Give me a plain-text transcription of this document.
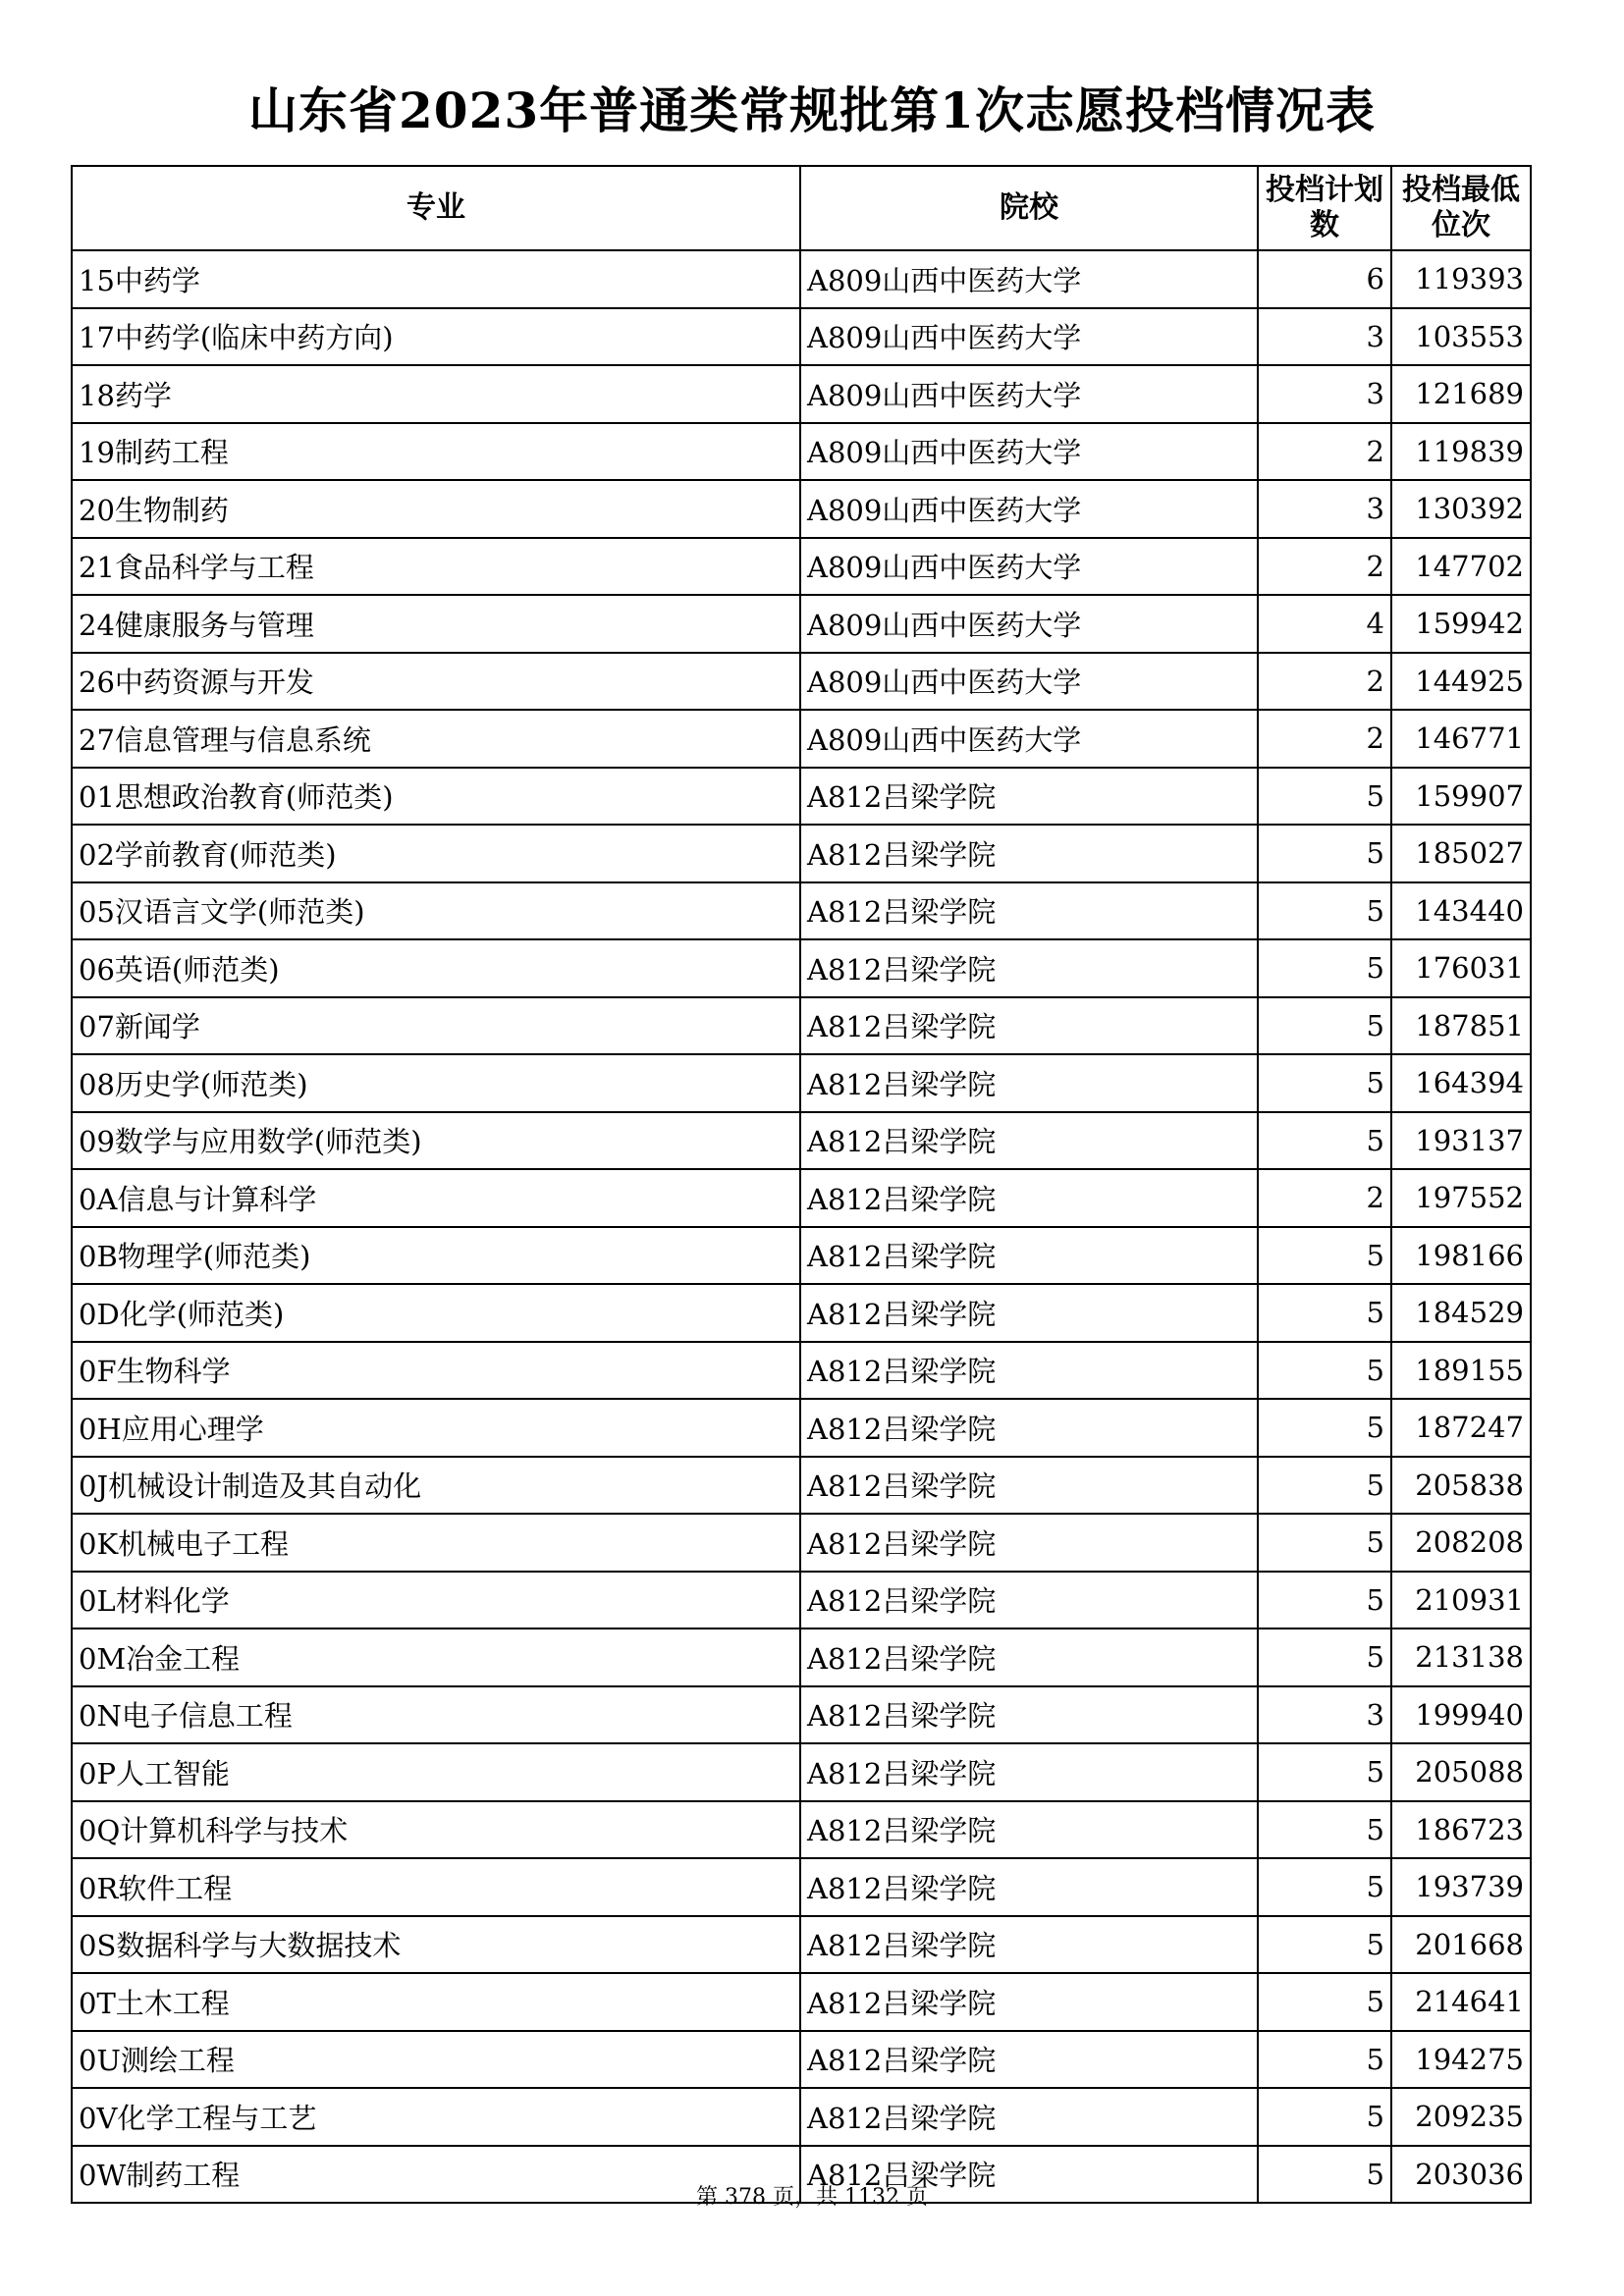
山东省2023年普通类常规批第1次志愿投档情况表
专业	院校	投档计划数	投档最低位次
15中药学	A809山西中医药大学	6	119393
17中药学(临床中药方向)	A809山西中医药大学	3	103553
18药学	A809山西中医药大学	3	121689
19制药工程	A809山西中医药大学	2	119839
20生物制药	A809山西中医药大学	3	130392
21食品科学与工程	A809山西中医药大学	2	147702
24健康服务与管理	A809山西中医药大学	4	159942
26中药资源与开发	A809山西中医药大学	2	144925
27信息管理与信息系统	A809山西中医药大学	2	146771
01思想政治教育(师范类)	A812吕梁学院	5	159907
02学前教育(师范类)	A812吕梁学院	5	185027
05汉语言文学(师范类)	A812吕梁学院	5	143440
06英语(师范类)	A812吕梁学院	5	176031
07新闻学	A812吕梁学院	5	187851
08历史学(师范类)	A812吕梁学院	5	164394
09数学与应用数学(师范类)	A812吕梁学院	5	193137
0A信息与计算科学	A812吕梁学院	2	197552
0B物理学(师范类)	A812吕梁学院	5	198166
0D化学(师范类)	A812吕梁学院	5	184529
0F生物科学	A812吕梁学院	5	189155
0H应用心理学	A812吕梁学院	5	187247
0J机械设计制造及其自动化	A812吕梁学院	5	205838
0K机械电子工程	A812吕梁学院	5	208208
0L材料化学	A812吕梁学院	5	210931
0M冶金工程	A812吕梁学院	5	213138
0N电子信息工程	A812吕梁学院	3	199940
0P人工智能	A812吕梁学院	5	205088
0Q计算机科学与技术	A812吕梁学院	5	186723
0R软件工程	A812吕梁学院	5	193739
0S数据科学与大数据技术	A812吕梁学院	5	201668
0T土木工程	A812吕梁学院	5	214641
0U测绘工程	A812吕梁学院	5	194275
0V化学工程与工艺	A812吕梁学院	5	209235
0W制药工程	A812吕梁学院	5	203036
第 378 页，共 1132 页
